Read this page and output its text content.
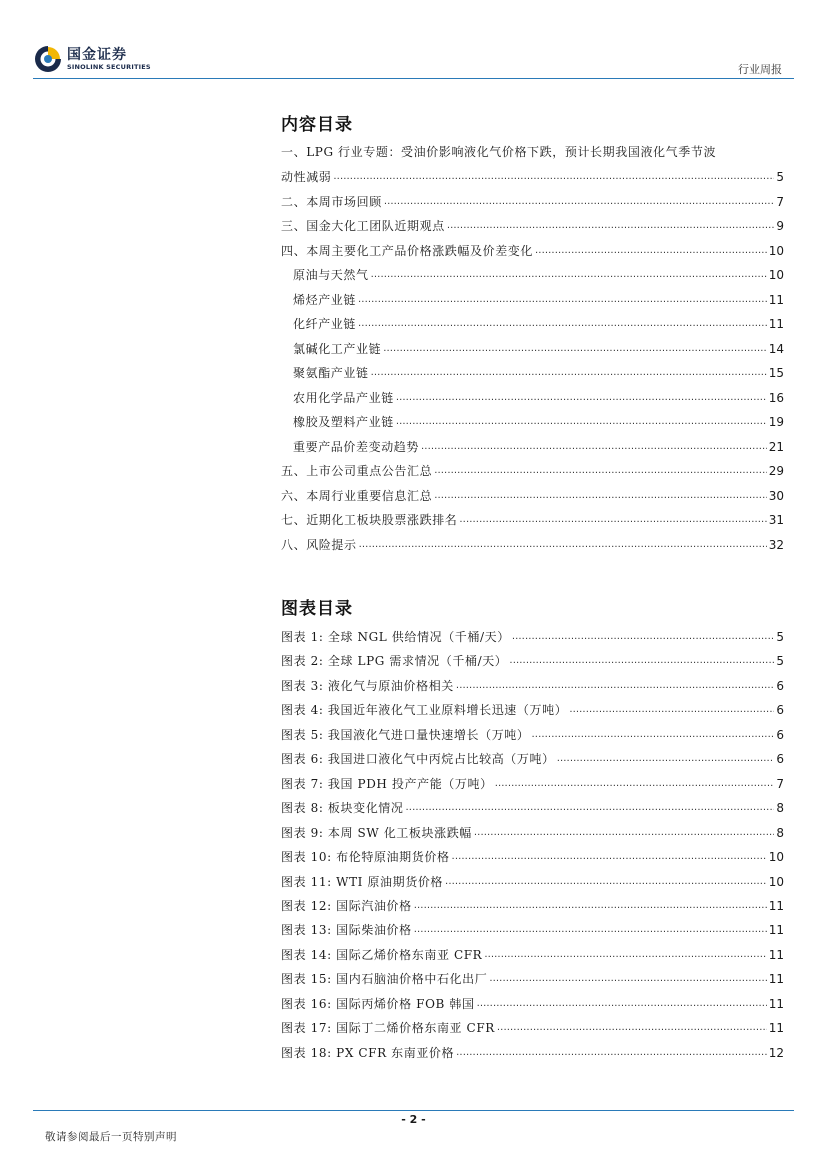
国金证券
SINOLINK SECURITIES	行业周报
内容目录
一、LPG 行业专题：受油价影响液化气价格下跌，预计长期我国液化气季节波
动性减弱 .....	5
二、本周市场回顾 .....	7
三、国金大化工团队近期观点 .....	9
四、本周主要化工产品价格涨跌幅及价差变化 .....	10
原油与天然气 .....	10
烯烃产业链 .....	11
化纤产业链 .....	11
氯碱化工产业链 .....	14
聚氨酯产业链 .....	15
农用化学品产业链 .....	16
橡胶及塑料产业链 .....	19
重要产品价差变动趋势 .....	21
五、上市公司重点公告汇总 .....	29
六、本周行业重要信息汇总 .....	30
七、近期化工板块股票涨跌排名 .....	31
八、风险提示 .....	32
图表目录
图表 1: 全球 NGL 供给情况（千桶/天） .....	5
图表 2: 全球 LPG 需求情况（千桶/天） .....	5
图表 3: 液化气与原油价格相关 .....	6
图表 4: 我国近年液化气工业原料增长迅速（万吨） .....	6
图表 5: 我国液化气进口量快速增长（万吨） .....	6
图表 6: 我国进口液化气中丙烷占比较高（万吨） .....	6
图表 7: 我国 PDH 投产产能（万吨） .....	7
图表 8: 板块变化情况 .....	8
图表 9: 本周 SW 化工板块涨跌幅 .....	8
图表 10: 布伦特原油期货价格 .....	10
图表 11: WTI 原油期货价格 .....	10
图表 12: 国际汽油价格 .....	11
图表 13: 国际柴油价格 .....	11
图表 14: 国际乙烯价格东南亚 CFR .....	11
图表 15: 国内石脑油价格中石化出厂 .....	11
图表 16: 国际丙烯价格 FOB 韩国 .....	11
图表 17: 国际丁二烯价格东南亚 CFR .....	11
图表 18: PX CFR 东南亚价格 .....	12
- 2 -
敬请参阅最后一页特别声明
